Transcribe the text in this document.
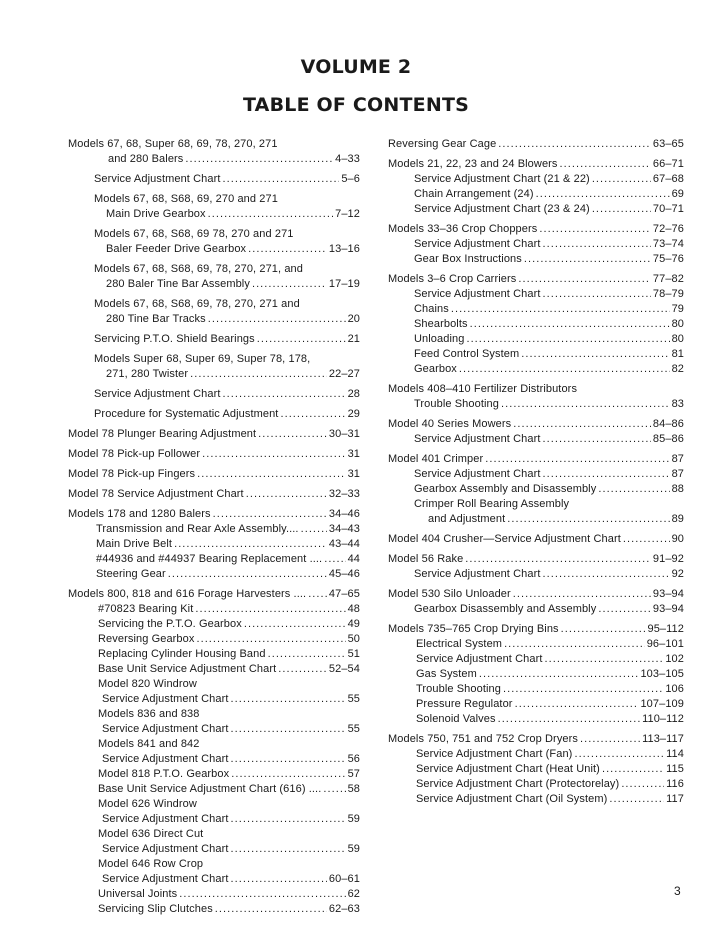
VOLUME 2
TABLE OF CONTENTS
Models 67, 68, Super 68, 69, 78, 270, 271
and 280 Balers . . .	4–33
Service Adjustment Chart . . .	5–6
Models 67, 68, S68, 69, 270 and 271
Main Drive Gearbox . . .	7–12
Models 67, 68, S68, 69 78, 270 and 271
Baler Feeder Drive Gearbox . . .	13–16
Models 67, 68, S68, 69, 78, 270, 271, and
280 Baler Tine Bar Assembly . . .	17–19
Models 67, 68, S68, 69, 78, 270, 271 and
280 Tine Bar Tracks . . .	20
Servicing P.T.O. Shield Bearings . . .	21
Models Super 68, Super 69, Super 78, 178,
271, 280 Twister . . .	22–27
Service Adjustment Chart . . .	28
Procedure for Systematic Adjustment . . .	29
Model 78 Plunger Bearing Adjustment . . .	30–31
Model 78 Pick-up Follower . . .	31
Model 78 Pick-up Fingers . . .	31
Model 78 Service Adjustment Chart . . .	32–33
Models 178 and 1280 Balers . . .	34–46
Transmission and Rear Axle Assembly.... . . .	34–43
Main Drive Belt . . .	43–44
#44936 and #44937 Bearing Replacement .... . . . 44
Steering Gear . . .	45–46
Models 800, 818 and 616 Forage Harvesters .... . . . 47–65
#70823 Bearing Kit . . .	48
Servicing the P.T.O. Gearbox . . .	49
Reversing Gearbox . . .	50
Replacing Cylinder Housing Band . . .	51
Base Unit Service Adjustment Chart . . .	52–54
Model 820 Windrow
Service Adjustment Chart . . .	55
Models 836 and 838
Service Adjustment Chart . . .	55
Models 841 and 842
Service Adjustment Chart . . .	56
Model 818 P.T.O. Gearbox . . .	57
Base Unit Service Adjustment Chart (616) .... . . . 58
Model 626 Windrow
Service Adjustment Chart . . .	59
Model 636 Direct Cut
Service Adjustment Chart . . .	59
Model 646 Row Crop
Service Adjustment Chart . . .	60–61
Universal Joints . . .	62
Servicing Slip Clutches . . .	62–63
Reversing Gear Cage . . .	63–65
Models 21, 22, 23 and 24 Blowers . . .	66–71
Service Adjustment Chart (21 & 22) . . .	67–68
Chain Arrangement (24) . . .	69
Service Adjustment Chart (23 & 24) . . .	70–71
Models 33–36 Crop Choppers . . .	72–76
Service Adjustment Chart . . .	73–74
Gear Box Instructions . . .	75–76
Models 3–6 Crop Carriers . . .	77–82
Service Adjustment Chart . . .	78–79
Chains . . .	79
Shearbolts . . .	80
Unloading . . .	80
Feed Control System . . .	81
Gearbox . . .	82
Models 408–410 Fertilizer Distributors
Trouble Shooting . . .	83
Model 40 Series Mowers . . .	84–86
Service Adjustment Chart . . .	85–86
Model 401 Crimper . . .	87
Service Adjustment Chart . . .	87
Gearbox Assembly and Disassembly . . .	88
Crimper Roll Bearing Assembly
and Adjustment . . .	89
Model 404 Crusher—Service Adjustment Chart . . .	90
Model 56 Rake . . .	91–92
Service Adjustment Chart . . .	92
Model 530 Silo Unloader . . .	93–94
Gearbox Disassembly and Assembly . . .	93–94
Models 735–765 Crop Drying Bins . . .	95–112
Electrical System . . .	96–101
Service Adjustment Chart . . .	102
Gas System . . .	103–105
Trouble Shooting . . .	106
Pressure Regulator . . .	107–109
Solenoid Valves . . .	110–112
Models 750, 751 and 752 Crop Dryers . . .	113–117
Service Adjustment Chart (Fan) . . .	114
Service Adjustment Chart (Heat Unit) . . .	115
Service Adjustment Chart (Protectorelay) . . .	116
Service Adjustment Chart (Oil System) . . .	117
3
